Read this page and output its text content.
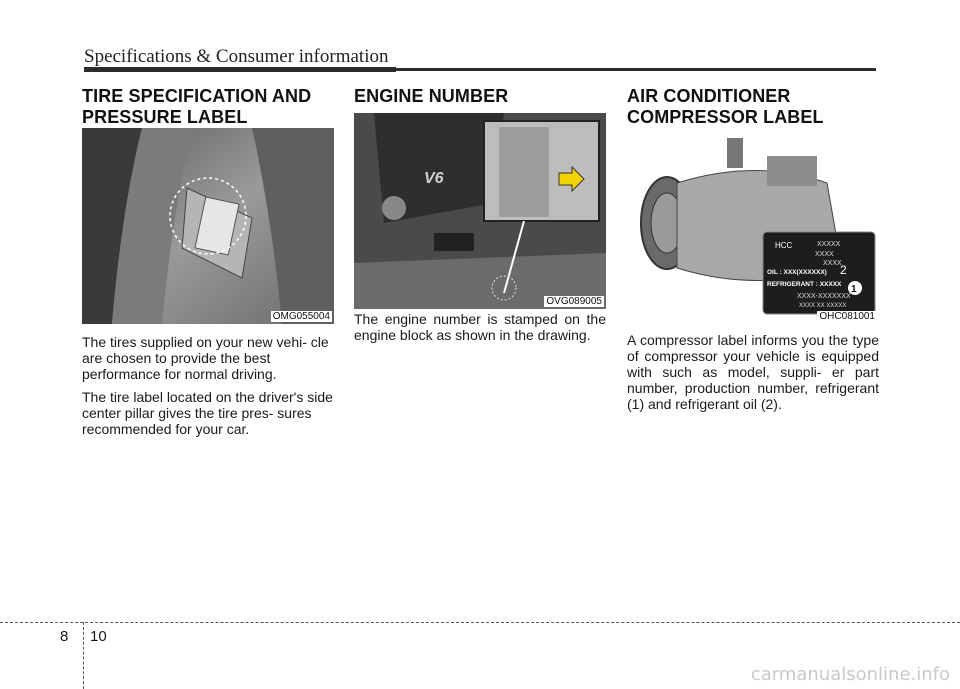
Specifications & Consumer information
TIRE SPECIFICATION AND
PRESSURE LABEL
OMG055004

The tires supplied on your new vehi- cle are chosen to provide the best performance for normal driving.

The tire label located on the driver's side center pillar gives the tire pres- sures recommended for your car.

ENGINE NUMBER
V6
OVG089005

The engine number is stamped on the engine block as shown in the drawing.

AIR CONDITIONER
COMPRESSOR LABEL
HCC	XXXXX
XXXX
XXXX
OIL : XXX(XXXXXX)
REFRIGERANT : XXXXX
XXXX-XXXXXXX
XXXX XX XXXXX
2
1
OHC081001

A compressor label informs you the type of compressor your vehicle is equipped with such as model, suppli- er part number, production number, refrigerant (1) and refrigerant oil (2).

8 10
carmanualsonline.info
